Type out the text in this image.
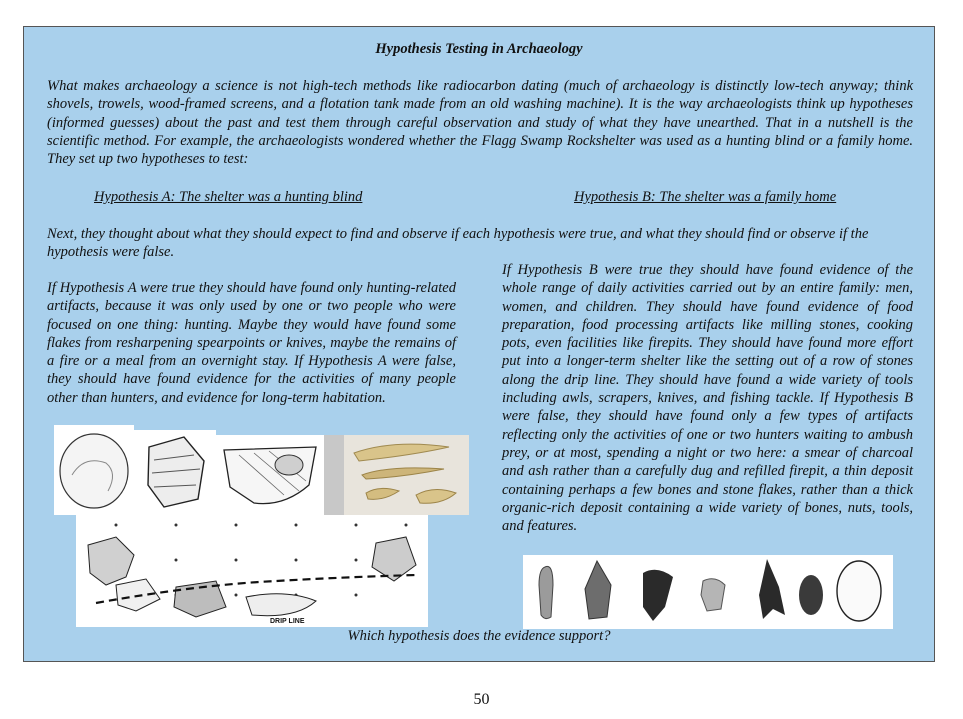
Hypothesis Testing in Archaeology

What makes archaeology a science is not high-tech methods like radiocarbon dating (much of archaeology is distinctly low-tech anyway; think shovels, trowels, wood-framed screens, and a flotation tank made from an old washing machine). It is the way archaeologists think up hypotheses (informed guesses) about the past and test them through careful observation and study of what they have unearthed. That in a nutshell is the scientific method. For example, the archaeologists wondered whether the Flagg Swamp Rockshelter was used as a hunting blind or a family home. They set up two hypotheses to test:

Hypothesis A: The shelter was a hunting blind	Hypothesis B: The shelter was a family home

Next, they thought about what they should expect to find and observe if each hypothesis were true, and what they should find or observe if the hypothesis were false.

If Hypothesis A were true they should have found only hunting-related artifacts, because it was only used by one or two people who were focused on one thing: hunting. Maybe they would have found some flakes from resharpening spearpoints or knives, maybe the remains of a fire or a meal from an overnight stay. If Hypothesis A were false, they should have found evidence for the activities of many people other than hunters, and evidence for long-term habitation.

If Hypothesis B were true they should have found evidence of the whole range of daily activities carried out by an entire family: men, women, and children. They should have found evidence of food preparation, food processing artifacts like milling stones, cooking pots, even facilities like firepits. They should have found more effort put into a longer-term shelter like the setting out of a row of stones along the drip line. They should have found a wide variety of tools including awls, scrapers, knives, and fishing tackle. If Hypothesis B were false, they should have found only a few types of artifacts reflecting only the activities of one or two hunters waiting to ambush prey, or at most, spending a night or two here: a smear of charcoal and ash rather than a carefully dug and refilled firepit, a thin deposit containing perhaps a few bones and stone flakes, rather than a thick organic-rich deposit containing a wide variety of bones, nuts, tools, and features.

DRIP LINE
Which hypothesis does the evidence support?
50
